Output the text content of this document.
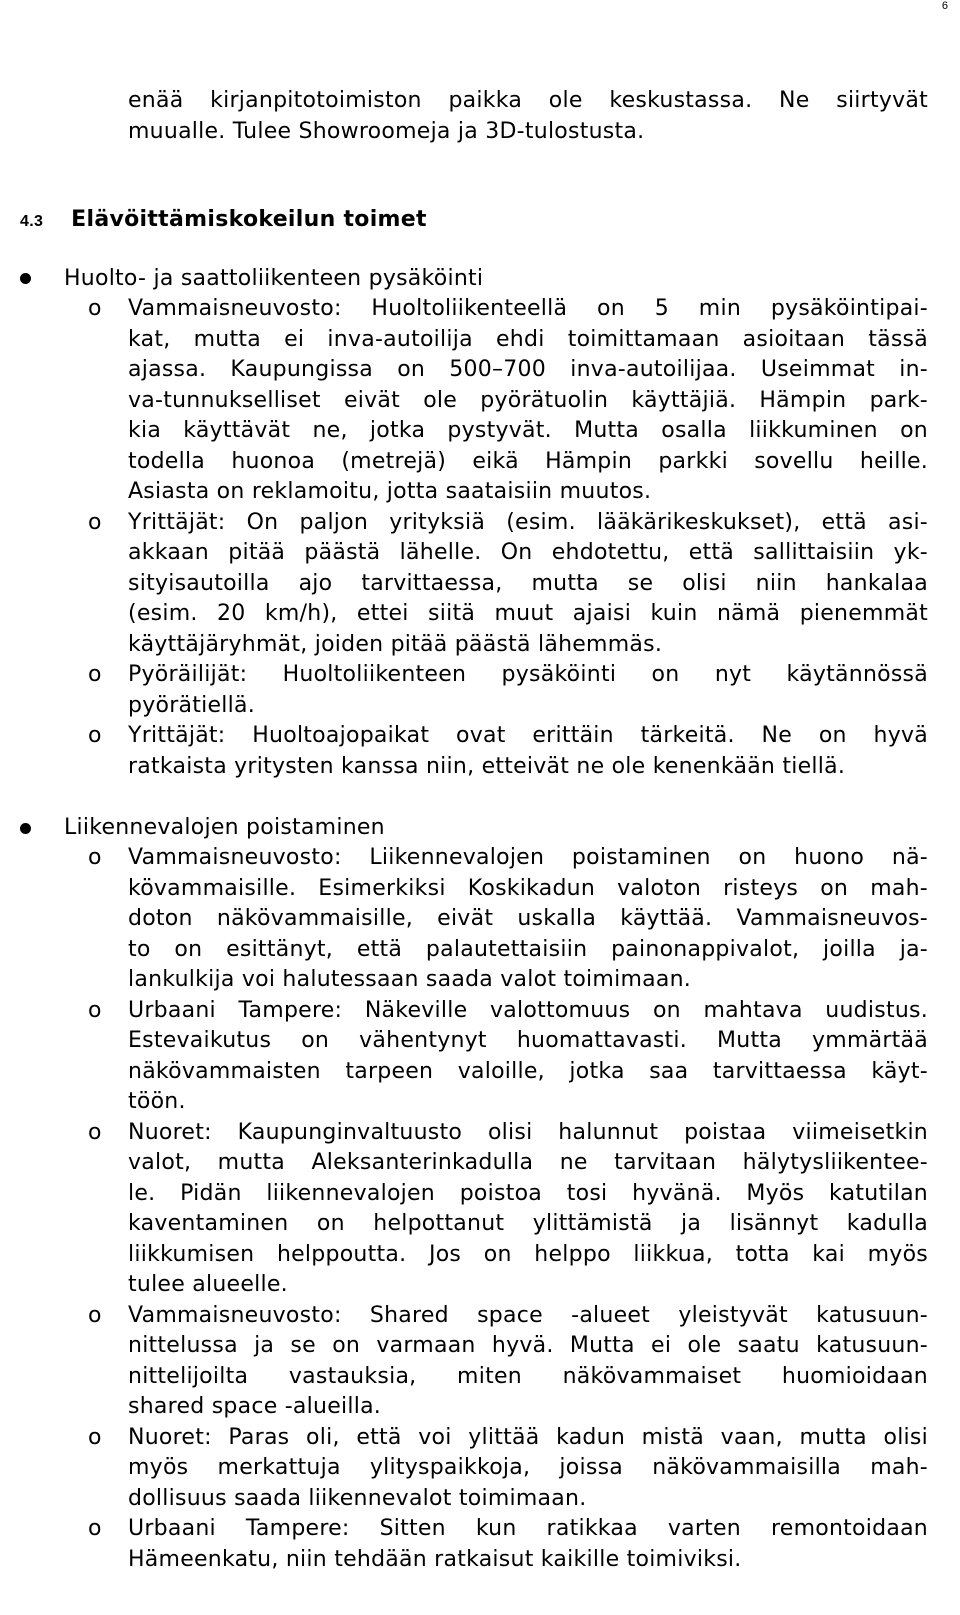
6
enää kirjanpitotoimiston paikka ole keskustassa. Ne siirtyvät
muualle. Tulee Showroomeja ja 3D-tulostusta.
4.3 Elävöittämiskokeilun toimet
Huolto- ja saattoliikenteen pysäköinti
o Vammaisneuvosto: Huoltoliikenteellä on 5 min pysäköintipai-
kat, mutta ei inva-autoilija ehdi toimittamaan asioitaan tässä
ajassa. Kaupungissa on 500–700 inva-autoilijaa. Useimmat in-
va-tunnukselliset eivät ole pyörätuolin käyttäjiä. Hämpin park-
kia käyttävät ne, jotka pystyvät. Mutta osalla liikkuminen on
todella huonoa (metrejä) eikä Hämpin parkki sovellu heille.
Asiasta on reklamoitu, jotta saataisiin muutos.
o Yrittäjät: On paljon yrityksiä (esim. lääkärikeskukset), että asi-
akkaan pitää päästä lähelle. On ehdotettu, että sallittaisiin yk-
sityisautoilla ajo tarvittaessa, mutta se olisi niin hankalaa
(esim. 20 km/h), ettei siitä muut ajaisi kuin nämä pienemmät
käyttäjäryhmät, joiden pitää päästä lähemmäs.
o Pyöräilijät: Huoltoliikenteen pysäköinti on nyt käytännössä
pyörätiellä.
o Yrittäjät: Huoltoajopaikat ovat erittäin tärkeitä. Ne on hyvä
ratkaista yritysten kanssa niin, etteivät ne ole kenenkään tiellä.
Liikennevalojen poistaminen
o Vammaisneuvosto: Liikennevalojen poistaminen on huono nä-
kövammaisille. Esimerkiksi Koskikadun valoton risteys on mah-
doton näkövammaisille, eivät uskalla käyttää. Vammaisneuvos-
to on esittänyt, että palautettaisiin painonappivalot, joilla ja-
lankulkija voi halutessaan saada valot toimimaan.
o Urbaani Tampere: Näkeville valottomuus on mahtava uudistus.
Estevaikutus on vähentynyt huomattavasti. Mutta ymmärtää
näkövammaisten tarpeen valoille, jotka saa tarvittaessa käyt-
töön.
o Nuoret: Kaupunginvaltuusto olisi halunnut poistaa viimeisetkin
valot, mutta Aleksanterinkadulla ne tarvitaan hälytysliikentee-
le. Pidän liikennevalojen poistoa tosi hyvänä. Myös katutilan
kaventaminen on helpottanut ylittämistä ja lisännyt kadulla
liikkumisen helppoutta. Jos on helppo liikkua, totta kai myös
tulee alueelle.
o Vammaisneuvosto: Shared space -alueet yleistyvät katusuun-
nittelussa ja se on varmaan hyvä. Mutta ei ole saatu katusuun-
nittelijoilta vastauksia, miten näkövammaiset huomioidaan
shared space -alueilla.
o Nuoret: Paras oli, että voi ylittää kadun mistä vaan, mutta olisi
myös merkattuja ylityspaikkoja, joissa näkövammaisilla mah-
dollisuus saada liikennevalot toimimaan.
o Urbaani Tampere: Sitten kun ratikkaa varten remontoidaan
Hämeenkatu, niin tehdään ratkaisut kaikille toimiviksi.
